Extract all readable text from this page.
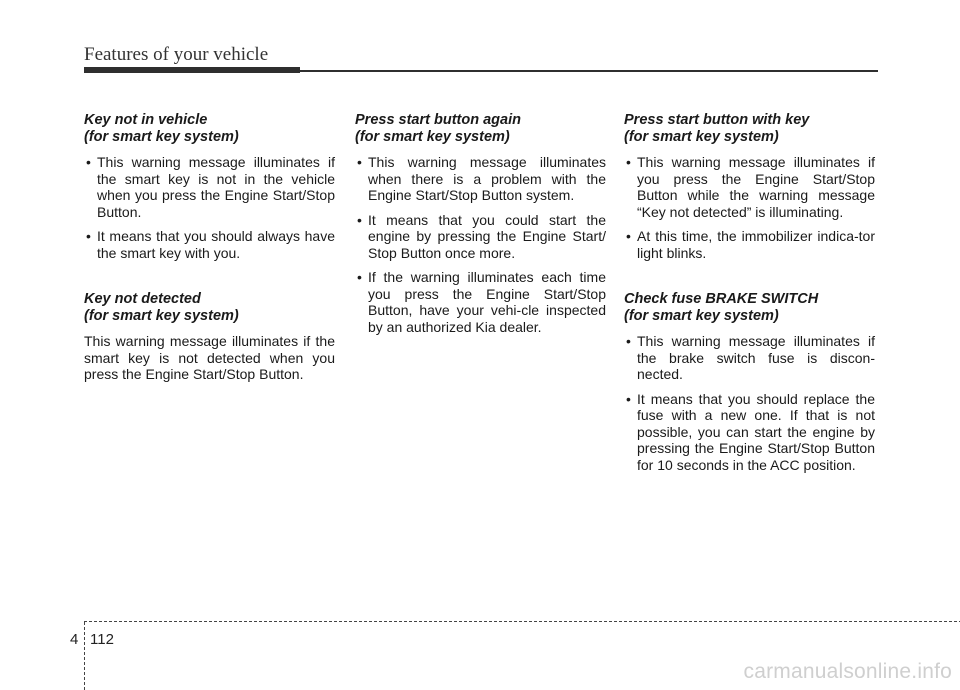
Features of your vehicle
Key not in vehicle
(for smart key system)
• This warning message illuminates if the smart key is not in the vehicle when you press the Engine Start/Stop Button.
• It means that you should always have the smart key with you.
Key not detected
(for smart key system)

This warning message illuminates if the smart key is not detected when you press the Engine Start/Stop Button.

Press start button again
(for smart key system)
• This warning message illuminates when there is a problem with the Engine Start/Stop Button system.
• It means that you could start the engine by pressing the Engine Start/ Stop Button once more.
• If the warning illuminates each time you press the Engine Start/Stop Button, have your vehi-cle inspected by an authorized Kia dealer.
Press start button with key
(for smart key system)
• This warning message illuminates if you press the Engine Start/Stop Button while the warning message “Key not detected” is illuminating.
• At this time, the immobilizer indica-tor light blinks.
Check fuse BRAKE SWITCH
(for smart key system)
• This warning message illuminates if the brake switch fuse is discon-nected.
• It means that you should replace the fuse with a new one. If that is not possible, you can start the engine by pressing the Engine Start/Stop Button for 10 seconds in the ACC position.
4 112
carmanualsonline.info
